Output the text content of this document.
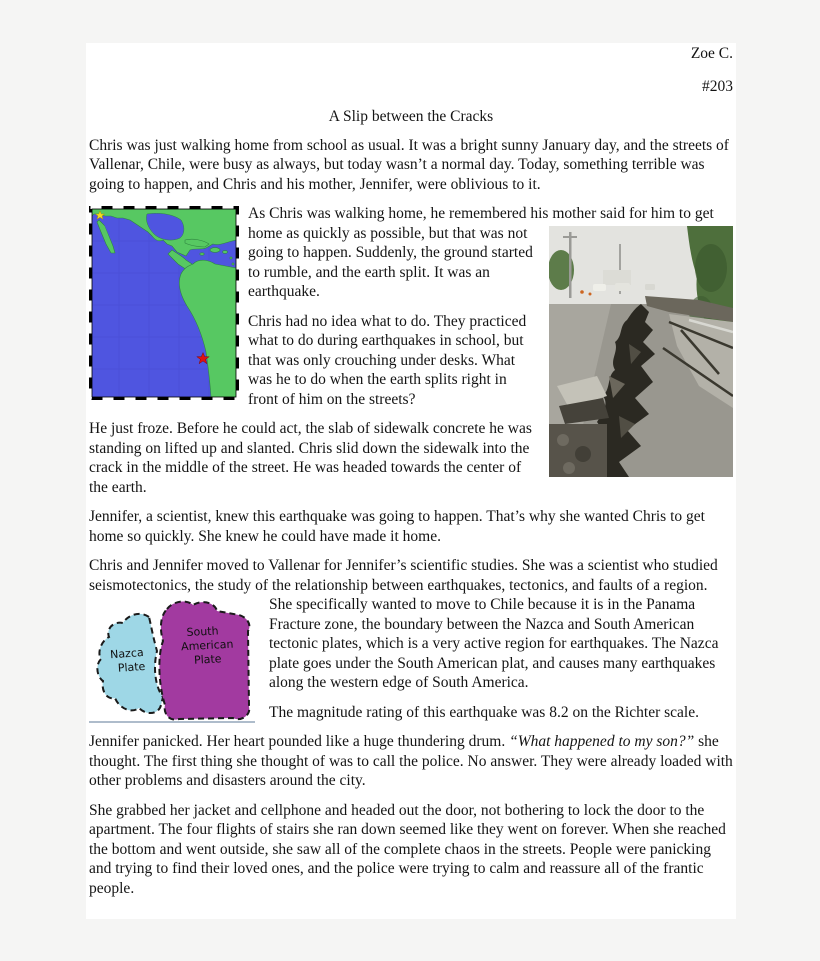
Zoe C.
#203
A Slip between the Cracks

Chris was just walking home from school as usual. It was a bright sunny January day, and the streets of Vallenar, Chile, were busy as always, but today wasn’t a normal day. Today, something terrible was going to happen, and Chris and his mother, Jennifer, were oblivious to it.

As Chris was walking home, he remembered his mother said for him to get home as quickly as possible, but that was not going to happen. Suddenly, the ground started to rumble, and the earth split. It was an earthquake.

Chris had no idea what to do. They practiced what to do during earthquakes in school, but that was only crouching under desks. What was he to do when the earth splits right in front of him on the streets?

He just froze. Before he could act, the slab of sidewalk concrete he was standing on lifted up and slanted. Chris slid down the sidewalk into the crack in the middle of the street. He was headed towards the center of the earth.

Jennifer, a scientist, knew this earthquake was going to happen. That’s why she wanted Chris to get home so quickly. She knew he could have made it home.

Chris and Jennifer moved to Vallenar for Jennifer’s scientific studies. She was a scientist who studied seismotectonics, the study of the relationship between earthquakes, tectonics, and faults
Nazca Plate
South American Plate
of a region. She specifically wanted to move to Chile because it is in the Panama Fracture zone, the boundary between the Nazca and South American tectonic plates, which is a very active region for earthquakes. The Nazca plate goes under the South American plat, and causes many earthquakes along the western edge of South America.

The magnitude rating of this earthquake was 8.2 on the Richter scale.

Jennifer panicked. Her heart pounded like a huge thundering drum. “What happened to my son?” she thought. The first thing she thought of was to call the police. No answer. They were already loaded with other problems and disasters around the city.

She grabbed her jacket and cellphone and headed out the door, not bothering to lock the door to the apartment. The four flights of stairs she ran down seemed like they went on forever. When she reached the bottom and went outside, she saw all of the complete chaos in the streets. People were panicking and trying to find their loved ones, and the police were trying to calm and reassure all of the frantic people.
